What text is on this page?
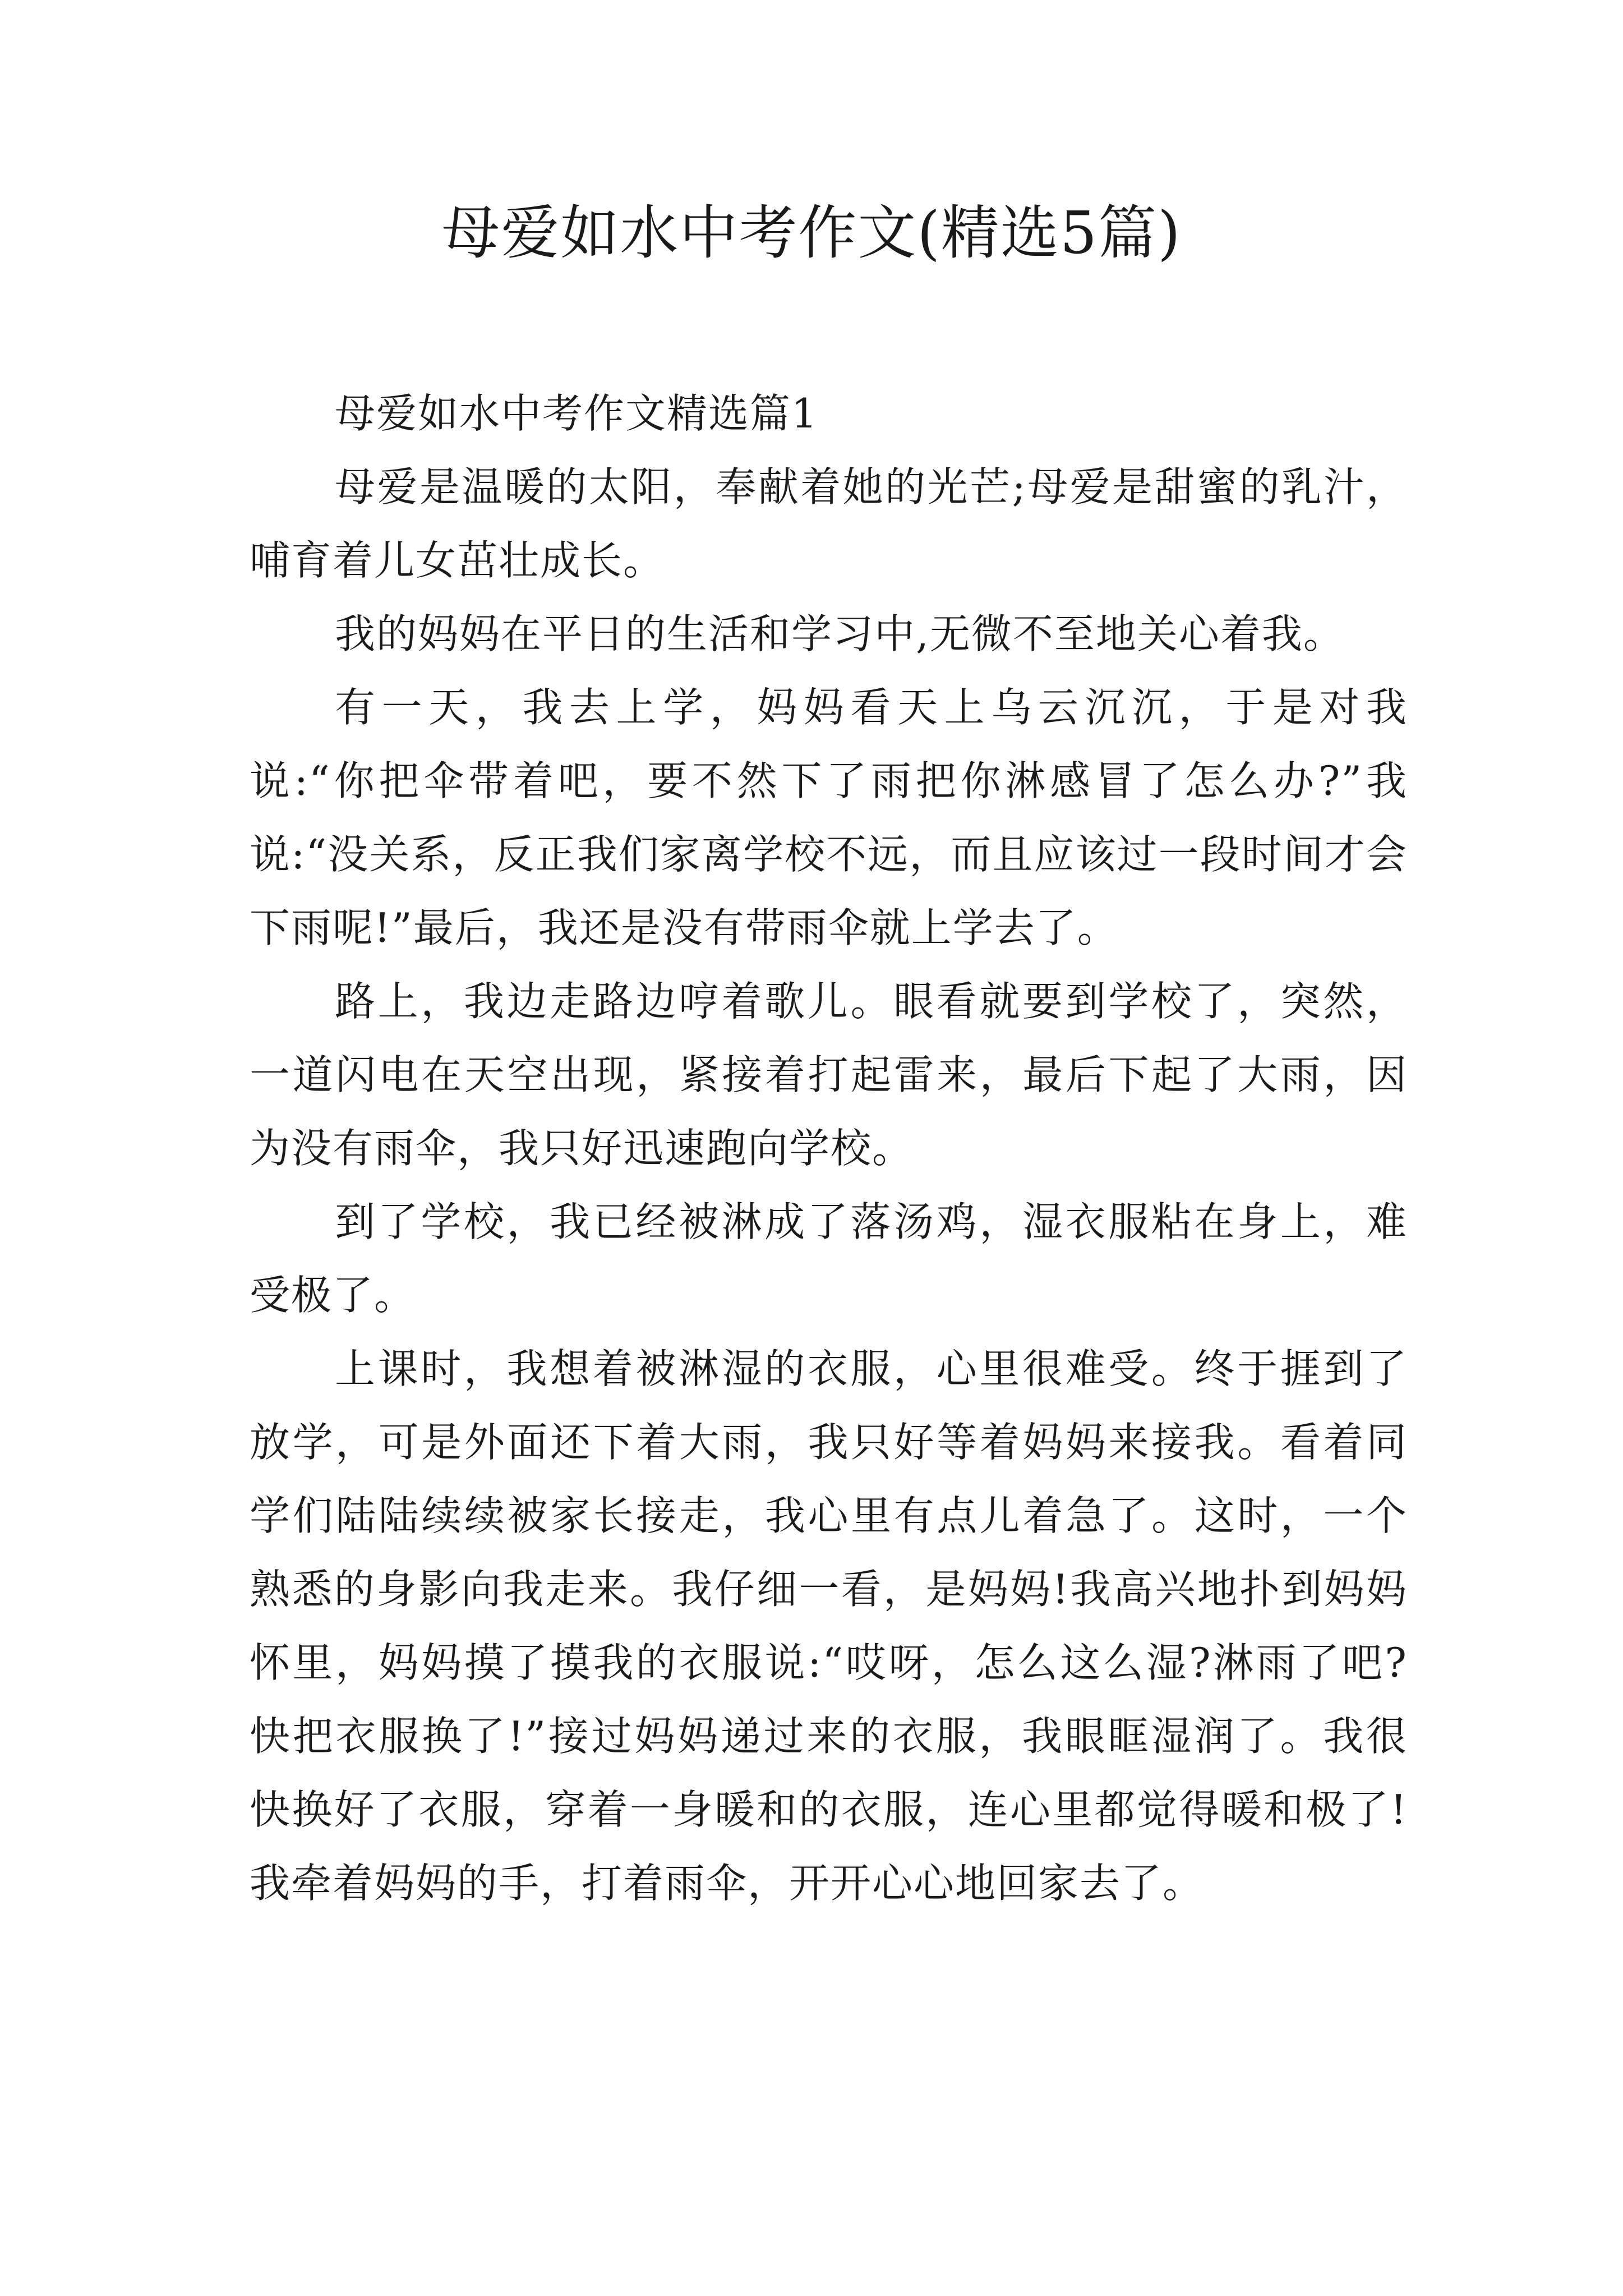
母爱如水中考作文(精选5篇)

母爱如水中考作文精选篇1

母爱是温暖的太阳，奉献着她的光芒;母爱是甜蜜的乳汁，哺育着儿女茁壮成长。

我的妈妈在平日的生活和学习中,无微不至地关心着我。

有一天，我去上学，妈妈看天上乌云沉沉，于是对我说:“你把伞带着吧，要不然下了雨把你淋感冒了怎么办?”我说:“没关系，反正我们家离学校不远，而且应该过一段时间才会下雨呢!”最后，我还是没有带雨伞就上学去了。

路上，我边走路边哼着歌儿。眼看就要到学校了，突然，一道闪电在天空出现，紧接着打起雷来，最后下起了大雨，因为没有雨伞，我只好迅速跑向学校。

到了学校，我已经被淋成了落汤鸡，湿衣服粘在身上，难受极了。

上课时，我想着被淋湿的衣服，心里很难受。终于捱到了放学，可是外面还下着大雨，我只好等着妈妈来接我。看着同学们陆陆续续被家长接走，我心里有点儿着急了。这时，一个熟悉的身影向我走来。我仔细一看，是妈妈!我高兴地扑到妈妈怀里，妈妈摸了摸我的衣服说:“哎呀，怎么这么湿?淋雨了吧?快把衣服换了!”接过妈妈递过来的衣服，我眼眶湿润了。我很快换好了衣服，穿着一身暖和的衣服，连心里都觉得暖和极了!我牵着妈妈的手，打着雨伞，开开心心地回家去了。
